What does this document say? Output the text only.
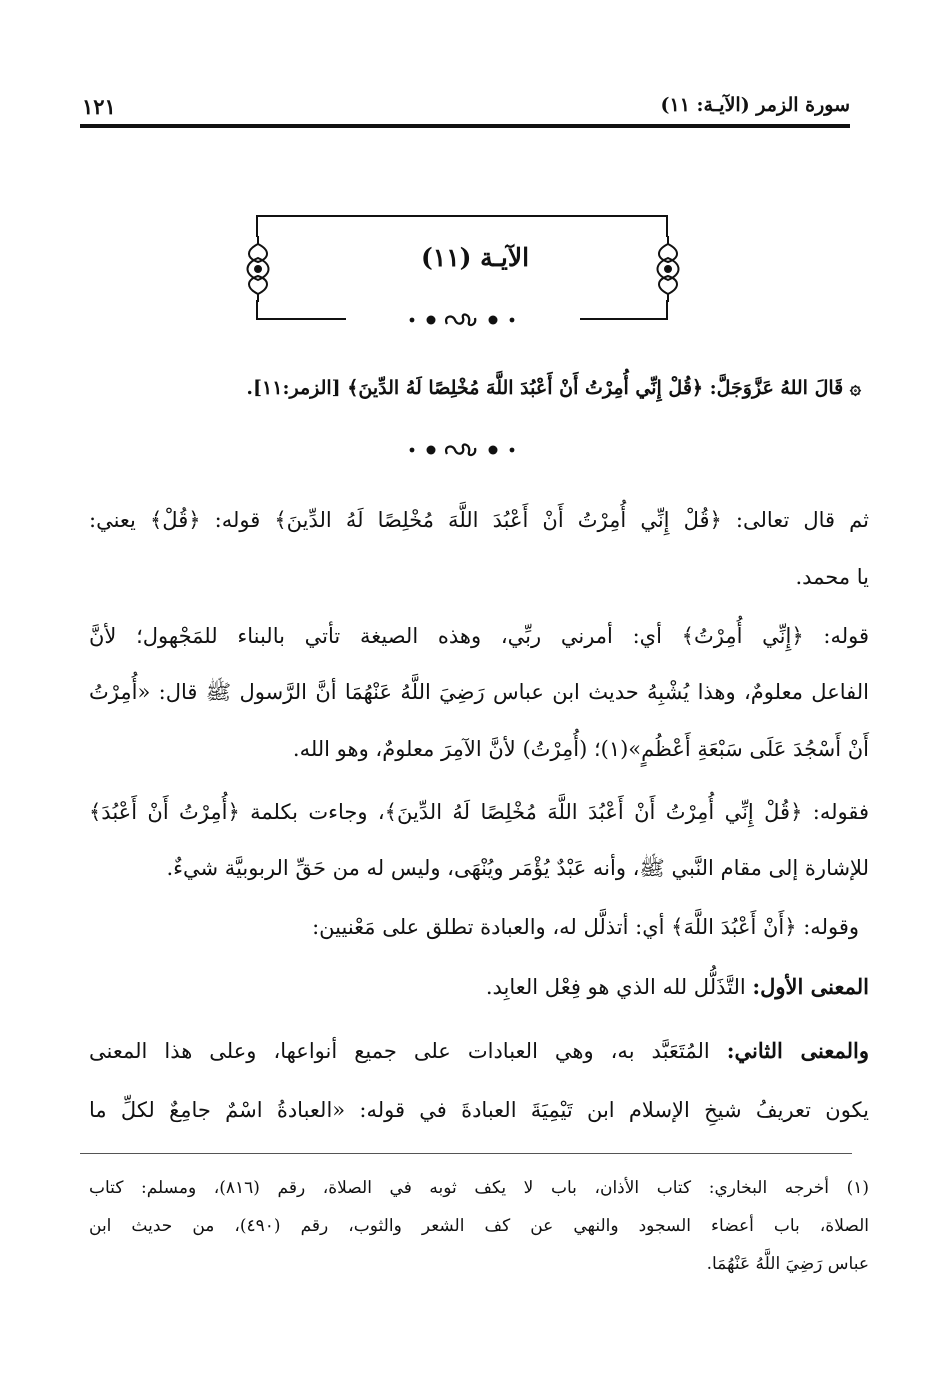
سورة الزمر (الآيـة: ١١)
١٢١
الآيـة (١١)
۞ قَالَ اللهُ عَزَّوَجَلَّ: ﴿قُلْ إِنِّي أُمِرْتُ أَنْ أَعْبُدَ اللَّهَ مُخْلِصًا لَهُ الدِّينَ﴾ [الزمر:١١].
ثم قال تعالى: ﴿قُلْ إِنِّي أُمِرْتُ أَنْ أَعْبُدَ اللَّهَ مُخْلِصًا لَهُ الدِّينَ﴾ قوله: ﴿قُلْ﴾ يعني:
يا محمد.
قوله: ﴿إِنِّي أُمِرْتُ﴾ أي: أمرني ربِّي، وهذه الصيغة تأتي بالبناء للمَجْهول؛ لأنَّ
الفاعل معلومٌ، وهذا يُشْبِهُ حديث ابن عباس رَضِيَ اللَّهُ عَنْهُمَا أنَّ الرَّسول ﷺ قال: «أُمِرْتُ
أَنْ أَسْجُدَ عَلَى سَبْعَةِ أَعْظُمٍ»(١)؛ (أُمِرْتُ) لأنَّ الآمِرَ معلومٌ، وهو الله.
فقوله: ﴿قُلْ إِنِّي أُمِرْتُ أَنْ أَعْبُدَ اللَّهَ مُخْلِصًا لَهُ الدِّينَ﴾، وجاءت بكلمة ﴿أُمِرْتُ أَنْ أَعْبُدَ﴾
للإشارة إلى مقام النَّبي ﷺ، وأنه عَبْدٌ يُؤْمَر ويُنْهَى، وليس له من حَقِّ الربوبيَّة شيءٌ.
وقوله: ﴿أَنْ أَعْبُدَ اللَّهَ﴾ أي: أتذلَّل له، والعبادة تطلق على مَعْنيين:
المعنى الأول: التَّذَلُّل لله الذي هو فِعْل العابِد.
والمعنى الثاني: المُتَعَبَّد به، وهي العبادات على جميع أنواعها، وعلى هذا المعنى
يكون تعريفُ شيخِ الإسلام ابن تَيْمِيَةَ العبادةَ في قوله: «العبادةُ اسْمٌ جامِعٌ لكلِّ ما
(١) أخرجه البخاري: كتاب الأذان، باب لا يكف ثوبه في الصلاة، رقم (٨١٦)، ومسلم: كتاب
الصلاة، باب أعضاء السجود والنهي عن كف الشعر والثوب، رقم (٤٩٠)، من حديث ابن
عباس رَضِيَ اللَّهُ عَنْهُمَا.
